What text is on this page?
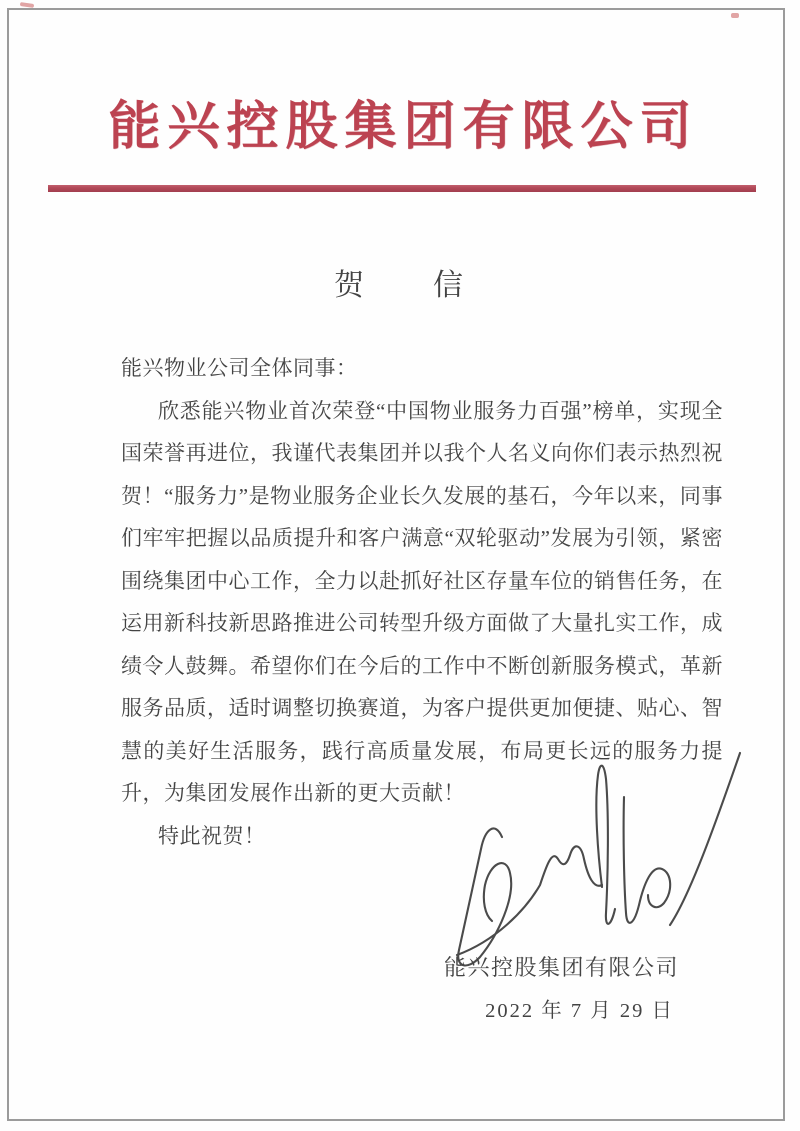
能兴控股集团有限公司
贺　　信

能兴物业公司全体同事：

欣悉能兴物业首次荣登“中国物业服务力百强”榜单，实现全国荣誉再进位，我谨代表集团并以我个人名义向你们表示热烈祝贺！“服务力”是物业服务企业长久发展的基石，今年以来，同事们牢牢把握以品质提升和客户满意“双轮驱动”发展为引领，紧密围绕集团中心工作，全力以赴抓好社区存量车位的销售任务，在运用新科技新思路推进公司转型升级方面做了大量扎实工作，成绩令人鼓舞。希望你们在今后的工作中不断创新服务模式，革新服务品质，适时调整切换赛道，为客户提供更加便捷、贴心、智慧的美好生活服务，践行高质量发展，布局更长远的服务力提升，为集团发展作出新的更大贡献！

特此祝贺！

能兴控股集团有限公司
2022 年 7 月 29 日
